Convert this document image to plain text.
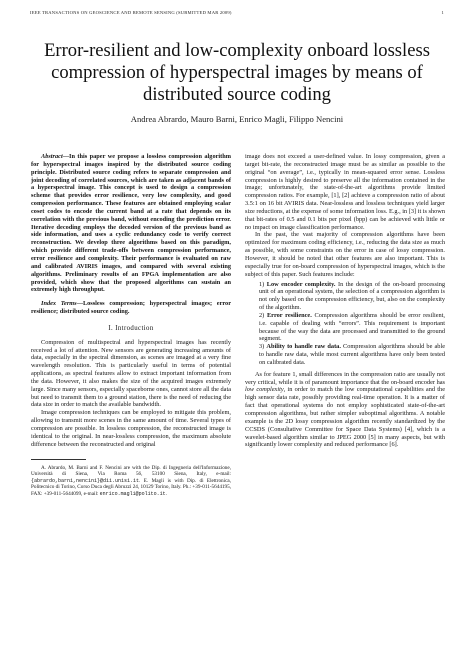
IEEE TRANSACTIONS ON GEOSCIENCE AND REMOTE SENSING (SUBMITTED MAR 2009)	1
Error-resilient and low-complexity onboard lossless compression of hyperspectral images by means of distributed source coding
Andrea Abrardo, Mauro Barni, Enrico Magli, Filippo Nencini

Abstract—In this paper we propose a lossless compression algorithm for hyperspectral images inspired by the distributed source coding principle. Distributed source coding refers to separate compression and joint decoding of correlated sources, which are taken as adjacent bands of a hyperspectral image. This concept is used to design a compression scheme that provides error resilience, very low complexity, and good compression performance. These features are obtained employing scalar coset codes to encode the current band at a rate that depends on its correlation with the previous band, without encoding the prediction error. Iterative decoding employs the decoded version of the previous band as side information, and uses a cyclic redundancy code to verify correct reconstruction. We develop three algorithms based on this paradigm, which provide different trade-offs between compression performance, error resilience and complexity. Their performance is evaluated on raw and calibrated AVIRIS images, and compared with several existing algorithms. Preliminary results of an FPGA implementation are also provided, which show that the proposed algorithms can sustain an extremely high throughput.

Index Terms—Lossless compression; hyperspectral images; error resilience; distributed source coding.

I. Introduction

Compression of multispectral and hyperspectral images has recently received a lot of attention. New sensors are generating increasing amounts of data, especially in the spectral dimension, as scenes are imaged at a very fine wavelength resolution. This is particularly useful in terms of potential applications, as spectral features allow to extract important information from the data. However, it also makes the size of the acquired images extremely large. Since many sensors, especially spaceborne ones, cannot store all the data but need to transmit them to a ground station, there is the need of reducing the data size in order to match the available bandwidth.

Image compression techniques can be employed to mitigate this problem, allowing to transmit more scenes in the same amount of time. Several types of compression are possible. In lossless compression, the reconstructed image is identical to the original. In near-lossless compression, the maximum absolute difference between the reconstructed and original

A. Abrardo, M. Barni and F. Nencini are with the Dip. di Ingegneria dell'Informazione, Università di Siena, Via Roma 56, 53100 Siena, Italy, e-mail: {abrardo,barni,nencini}@dii.unisi.it. E. Magli is with Dip. di Elettronica, Politecnico di Torino, Corso Duca degli Abruzzi 24, 10129 Torino, Italy. Ph.: +39-011-5644195, FAX: +39-011-5644099, e-mail: enrico.magli@polito.it.

image does not exceed a user-defined value. In lossy compression, given a target bit-rate, the reconstructed image must be as similar as possible to the original “on average”, i.e., typically in mean-squared error sense. Lossless compression is highly desired to preserve all the information contained in the image; unfortunately, the state-of-the-art algorithms provide limited compression ratios. For example, [1], [2] achieve a compression ratio of about 3.5:1 on 16 bit AVIRIS data. Near-lossless and lossless techniques yield larger size reductions, at the expense of some information loss. E.g., in [3] it is shown that bit-rates of 0.5 and 0.1 bits per pixel (bpp) can be achieved with little or no impact on image classification performance.

In the past, the vast majority of compression algorithms have been optimized for maximum coding efficiency, i.e., reducing the data size as much as possible, with some constraints on the error in case of lossy compression. However, it should be noted that other features are also important. This is especially true for on-board compression of hyperspectral images, which is the subject of this paper. Such features include:

1) Low encoder complexity. In the design of the on-board processing unit of an operational system, the selection of a compression algorithm is not only based on the compression efficiency, but, also on the complexity of the algorithm.
2) Error resilience. Compression algorithms should be error resilient, i.e. capable of dealing with “errors”. This requirement is important because of the way the data are processed and transmitted to the ground segment.
3) Ability to handle raw data. Compression algorithms should be able to handle raw data, while most current algorithms have only been tested on calibrated data.

As for feature 1, small differences in the compression ratio are usually not very critical, while it is of paramount importance that the on-board encoder has low complexity, in order to match the low computational capabilities and the high sensor data rate, possibly providing real-time operation. It is a matter of fact that operational systems do not employ sophisticated state-of-the-art compression algorithms, but rather simpler suboptimal algorithms. A notable example is the 2D lossy compression algorithm recently standardized by the CCSDS (Consultative Committee for Space Data Systems) [4], which is a wavelet-based algorithm similar to JPEG 2000 [5] in many aspects, but with significantly lower complexity and reduced performance [6].
